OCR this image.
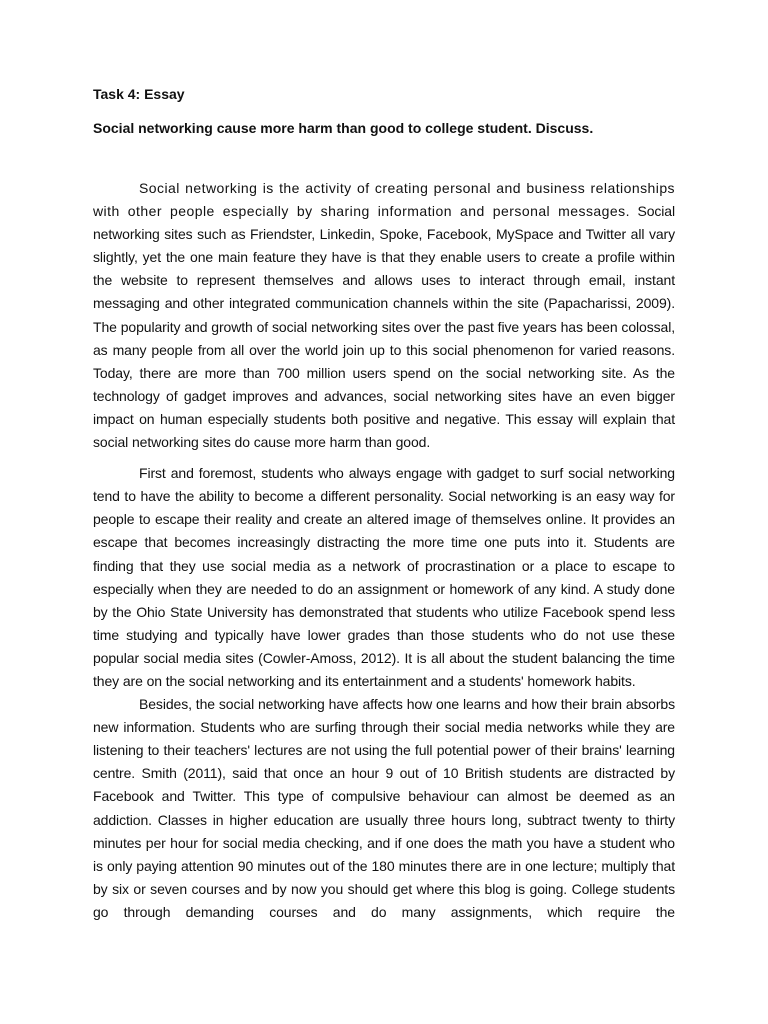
Task 4: Essay

Social networking cause more harm than good to college student. Discuss.

Social networking is the activity of creating personal and business relationships with other people especially by sharing information and personal messages. Social networking sites such as Friendster, Linkedin, Spoke, Facebook, MySpace and Twitter all vary slightly, yet the one main feature they have is that they enable users to create a profile within the website to represent themselves and allows uses to interact through email, instant messaging and other integrated communication channels within the site (Papacharissi, 2009). The popularity and growth of social networking sites over the past five years has been colossal, as many people from all over the world join up to this social phenomenon for varied reasons. Today, there are more than 700 million users spend on the social networking site. As the technology of gadget improves and advances, social networking sites have an even bigger impact on human especially students both positive and negative. This essay will explain that social networking sites do cause more harm than good.

First and foremost, students who always engage with gadget to surf social networking tend to have the ability to become a different personality. Social networking is an easy way for people to escape their reality and create an altered image of themselves online. It provides an escape that becomes increasingly distracting the more time one puts into it. Students are finding that they use social media as a network of procrastination or a place to escape to especially when they are needed to do an assignment or homework of any kind. A study done by the Ohio State University has demonstrated that students who utilize Facebook spend less time studying and typically have lower grades than those students who do not use these popular social media sites (Cowler-Amoss, 2012). It is all about the student balancing the time they are on the social networking and its entertainment and a students' homework habits.

Besides, the social networking have affects how one learns and how their brain absorbs new information. Students who are surfing through their social media networks while they are listening to their teachers' lectures are not using the full potential power of their brains' learning centre. Smith (2011), said that once an hour 9 out of 10 British students are distracted by Facebook and Twitter. This type of compulsive behaviour can almost be deemed as an addiction. Classes in higher education are usually three hours long, subtract twenty to thirty minutes per hour for social media checking, and if one does the math you have a student who is only paying attention 90 minutes out of the 180 minutes there are in one lecture; multiply that by six or seven courses and by now you should get where this blog is going. College students go through demanding courses and do many assignments, which require the
